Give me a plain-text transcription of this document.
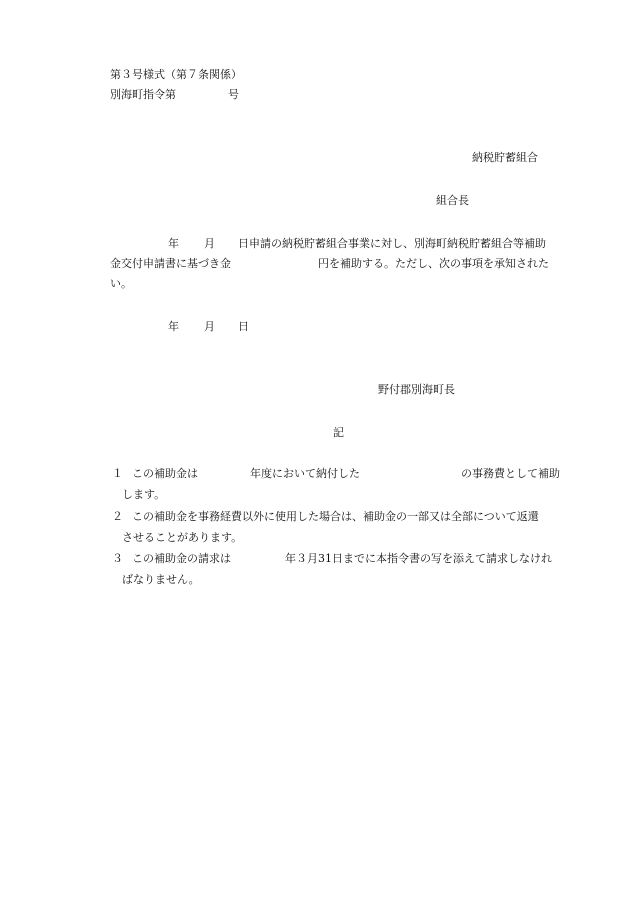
第３号様式（第７条関係）
別海町指令第	号
納税貯蓄組合
組合長
年 月 日申請の納税貯蓄組合事業に対し、別海町納税貯蓄組合等補助
金交付申請書に基づき金	円を補助する。ただし、次の事項を承知された
い。
年 月 日
野付郡別海町長
記
１ この補助金は	年度において納付した	の事務費として補助
します。
２ この補助金を事務経費以外に使用した場合は、補助金の一部又は全部について返還
させることがあります。
３ この補助金の請求は	年３月31日までに本指令書の写を添えて請求しなけれ
ばなりません。
